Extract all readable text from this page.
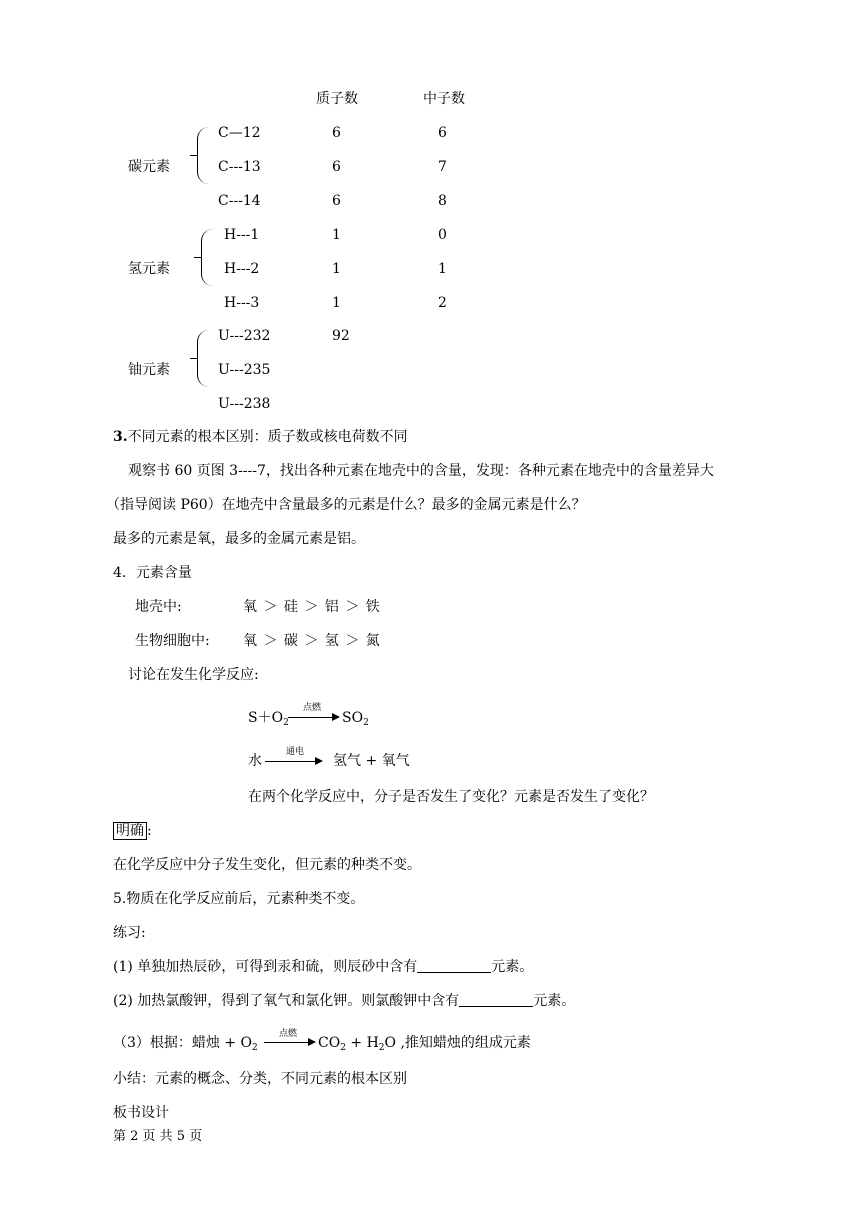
质子数	中子数
碳元素
C—12	6	6
C---13	6	7
C---14	6	8
氢元素
H---1	1	0
H---2	1	1
H---3	1	2
铀元素
U---232	92
U---235
U---238
3.不同元素的根本区别：质子数或核电荷数不同
观察书 60 页图 3----7，找出各种元素在地壳中的含量，发现：各种元素在地壳中的含量差异大
（指导阅读 P60）在地壳中含量最多的元素是什么？最多的金属元素是什么？
最多的元素是氧，最多的金属元素是铝。
4．元素含量
地壳中:	氧 ＞ 硅 ＞ 铝 ＞ 铁
生物细胞中: 氧 ＞ 碳 ＞ 氢 ＞ 氮
讨论在发生化学反应:
$S+O_2$
点燃
$SO_2$
水
通电
氢气 + 氧气
在两个化学反应中，分子是否发生了变化？元素是否发生了变化？
明确 :
在化学反应中分子发生变化，但元素的种类不变。
5.物质在化学反应前后，元素种类不变。
练习:
(1) 单独加热辰砂，可得到汞和硫，则辰砂中含有	元素。
(2) 加热氯酸钾，得到了氧气和氯化钾。则氯酸钾中含有	元素。
（3）根据：蜡烛 + $O_2$
点燃
$CO_2 + H_2O$ ,推知蜡烛的组成元素
小结：元素的概念、分类，不同元素的根本区别
板书设计
第 2 页 共 5 页
